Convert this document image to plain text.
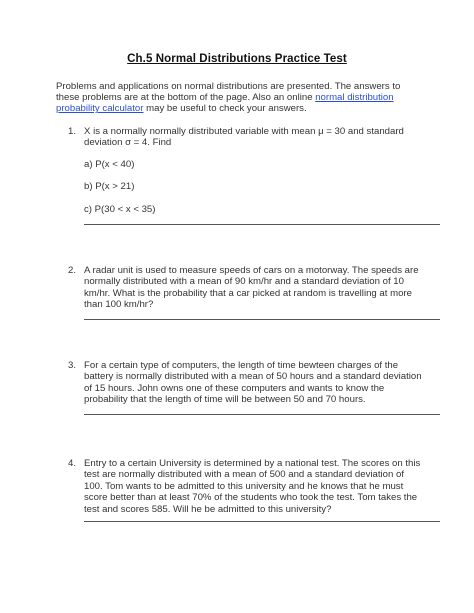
Ch.5 Normal Distributions Practice Test
Problems and applications on normal distributions are presented. The answers to these problems are at the bottom of the page. Also an online normal distribution probability calculator may be useful to check your answers.
1. X is a normally normally distributed variable with mean μ = 30 and standard deviation σ = 4. Find
a) P(x < 40)
b) P(x > 21)
c) P(30 < x < 35)
2. A radar unit is used to measure speeds of cars on a motorway. The speeds are normally distributed with a mean of 90 km/hr and a standard deviation of 10 km/hr. What is the probability that a car picked at random is travelling at more than 100 km/hr?
3. For a certain type of computers, the length of time bewteen charges of the battery is normally distributed with a mean of 50 hours and a standard deviation of 15 hours. John owns one of these computers and wants to know the probability that the length of time will be between 50 and 70 hours.
4. Entry to a certain University is determined by a national test. The scores on this test are normally distributed with a mean of 500 and a standard deviation of 100. Tom wants to be admitted to this university and he knows that he must score better than at least 70% of the students who took the test. Tom takes the test and scores 585. Will he be admitted to this university?
